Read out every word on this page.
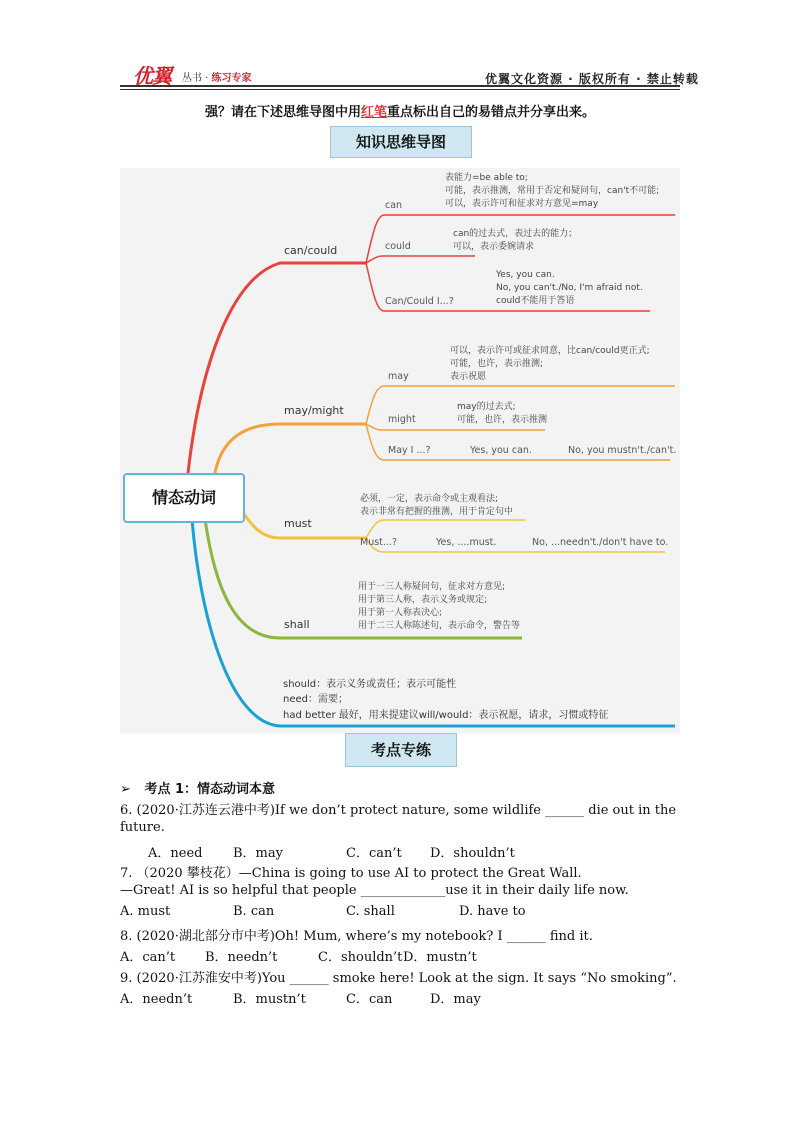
优翼 丛书 · 练习专家	优翼文化资源 · 版权所有 · 禁止转载
强？请在下述思维导图中用红笔重点标出自己的易错点并分享出来。
知识思维导图
情态动词
can/could
can
表能力=be able to;
可能，表示推测，常用于否定和疑问句，can't不可能;
可以，表示许可和征求对方意见=may
could
can的过去式，表过去的能力；
可以，表示委婉请求
Can/Could I...?
Yes, you can.
No, you can't./No, I'm afraid not.
could不能用于答语
may/might
may
可以，表示许可或征求同意，比can/could更正式;
可能，也许，表示推测;
表示祝愿
might
may的过去式;
可能，也许，表示推测
May I ...?	Yes, you can.	No, you mustn't./can't.
must
必须，一定，表示命令或主观看法;
表示非常有把握的推测，用于肯定句中
Must...?	Yes, ....must.	No, ...needn't./don't have to.
shall
用于一三人称疑问句，征求对方意见;
用于第三人称，表示义务或规定;
用于第一人称表决心;
用于二三人称陈述句，表示命令，警告等
should：表示义务或责任；表示可能性
need：需要；
had better 最好，用来提建议will/would：表示祝愿，请求，习惯或特征
考点专练
➢ 考点 1：情态动词本意
6. (2020·江苏连云港中考)If we don’t protect nature, some wildlife ______ die out in the
future.
A．need B．may	C．can’t D．shouldn’t
7. （2020 攀枝花）—China is going to use AI to protect the Great Wall.
—Great! AI is so helpful that people _____________use it in their daily life now.
A. must	B. can	C. shall	D. have to
8. (2020·湖北部分市中考)Oh! Mum, where’s my notebook? I ______ find it.
A．can’t B．needn’t	C．shouldn’t D．mustn’t
9. (2020·江苏淮安中考)You ______ smoke here! Look at the sign. It says “No smoking”.
A．needn’t	B．mustn’t	C．can	D．may
